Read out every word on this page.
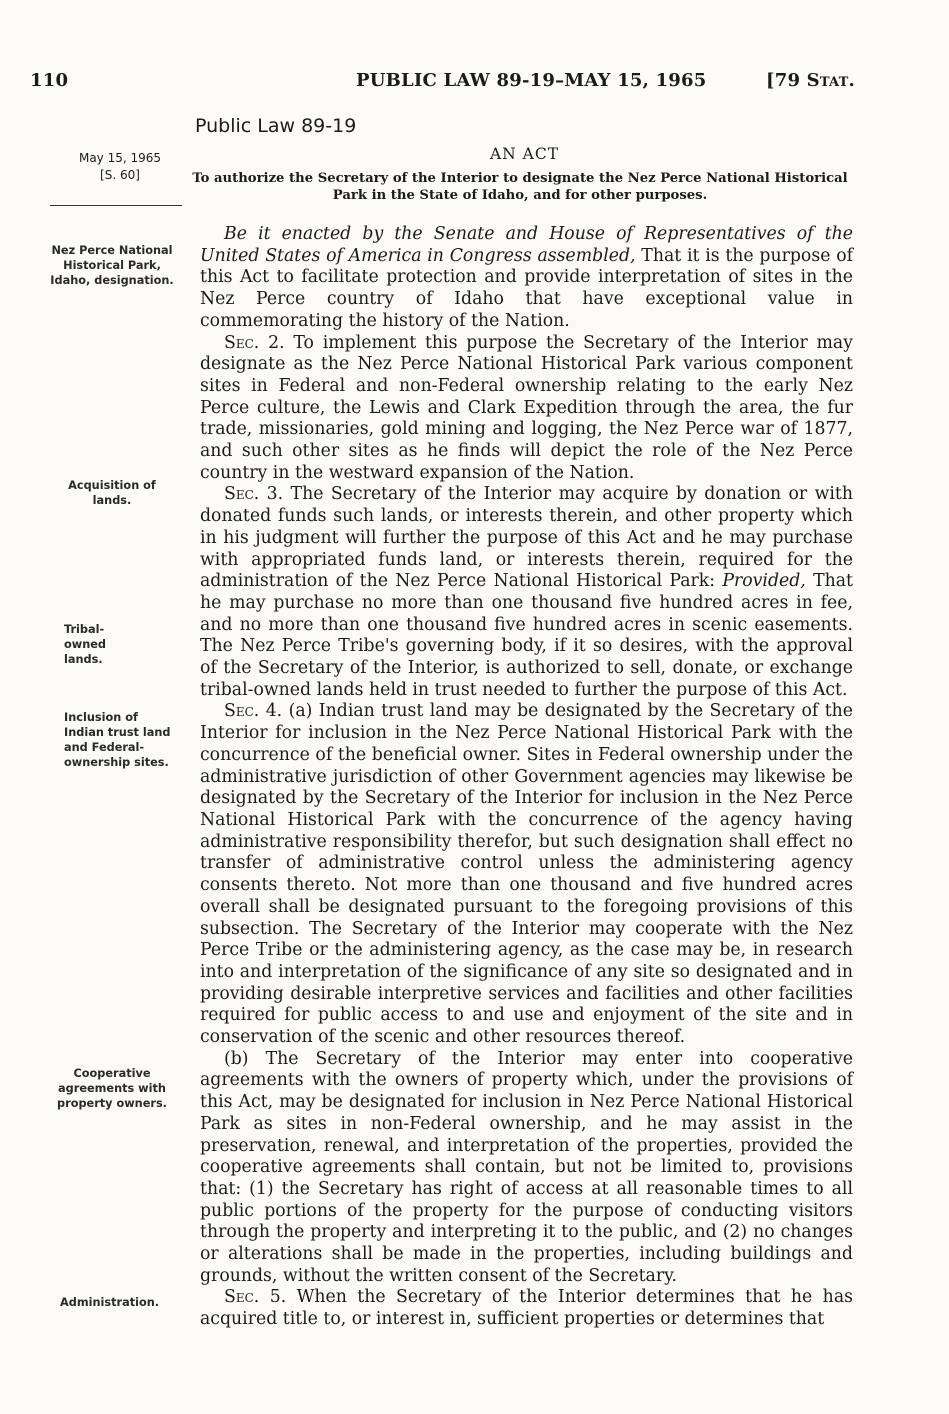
110	PUBLIC LAW 89-19–MAY 15, 1965	[79 Stat.
Public Law 89-19
AN ACT
To authorize the Secretary of the Interior to designate the Nez Perce National Historical Park in the State of Idaho, and for other purposes.
May 15, 1965
[S. 60]
Nez Perce National Historical Park, Idaho, designation.
Acquisition of lands.
Tribal-owned lands.
Inclusion of Indian trust land and Federal-ownership sites.
Cooperative agreements with property owners.
Administration.

Be it enacted by the Senate and House of Representatives of the United States of America in Congress assembled, That it is the purpose of this Act to facilitate protection and provide interpretation of sites in the Nez Perce country of Idaho that have exceptional value in commemorating the history of the Nation.

Sec. 2. To implement this purpose the Secretary of the Interior may designate as the Nez Perce National Historical Park various component sites in Federal and non-Federal ownership relating to the early Nez Perce culture, the Lewis and Clark Expedition through the area, the fur trade, missionaries, gold mining and logging, the Nez Perce war of 1877, and such other sites as he finds will depict the role of the Nez Perce country in the westward expansion of the Nation.

Sec. 3. The Secretary of the Interior may acquire by donation or with donated funds such lands, or interests therein, and other property which in his judgment will further the purpose of this Act and he may purchase with appropriated funds land, or interests therein, required for the administration of the Nez Perce National Historical Park: Provided, That he may purchase no more than one thousand five hundred acres in fee, and no more than one thousand five hundred acres in scenic easements. The Nez Perce Tribe's governing body, if it so desires, with the approval of the Secretary of the Interior, is authorized to sell, donate, or exchange tribal-owned lands held in trust needed to further the purpose of this Act.

Sec. 4. (a) Indian trust land may be designated by the Secretary of the Interior for inclusion in the Nez Perce National Historical Park with the concurrence of the beneficial owner. Sites in Federal ownership under the administrative jurisdiction of other Government agencies may likewise be designated by the Secretary of the Interior for inclusion in the Nez Perce National Historical Park with the concurrence of the agency having administrative responsibility therefor, but such designation shall effect no transfer of administrative control unless the administering agency consents thereto. Not more than one thousand and five hundred acres overall shall be designated pursuant to the foregoing provisions of this subsection. The Secretary of the Interior may cooperate with the Nez Perce Tribe or the administering agency, as the case may be, in research into and interpretation of the significance of any site so designated and in providing desirable interpretive services and facilities and other facilities required for public access to and use and enjoyment of the site and in conservation of the scenic and other resources thereof.

(b) The Secretary of the Interior may enter into cooperative agreements with the owners of property which, under the provisions of this Act, may be designated for inclusion in Nez Perce National Historical Park as sites in non-Federal ownership, and he may assist in the preservation, renewal, and interpretation of the properties, provided the cooperative agreements shall contain, but not be limited to, provisions that: (1) the Secretary has right of access at all reasonable times to all public portions of the property for the purpose of conducting visitors through the property and interpreting it to the public, and (2) no changes or alterations shall be made in the properties, including buildings and grounds, without the written consent of the Secretary.

Sec. 5. When the Secretary of the Interior determines that he has acquired title to, or interest in, sufficient properties or determines that
